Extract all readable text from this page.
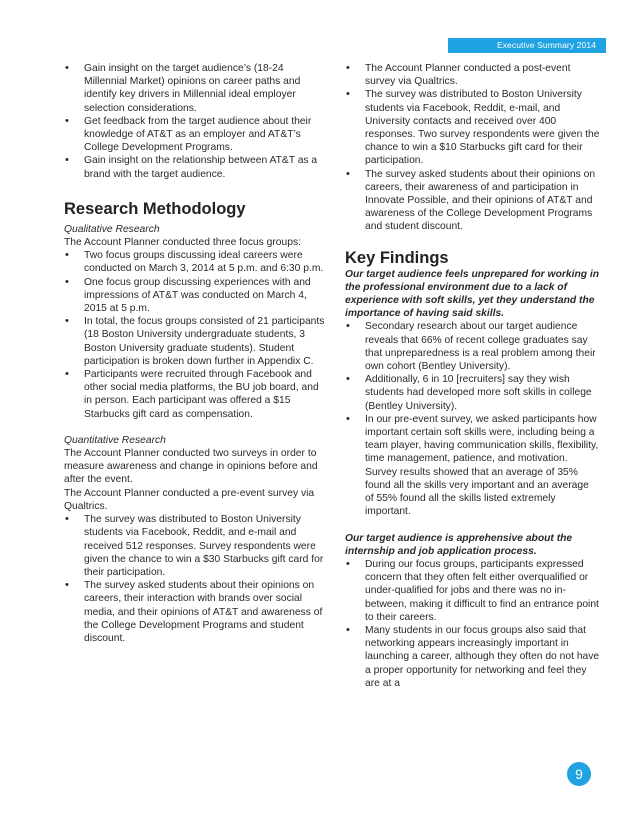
Executive Summary 2014
• Gain insight on the target audience’s (18-24 Millennial Market) opinions on career paths and identify key drivers in Millennial ideal employer selection considerations.
• Get feedback from the target audience about their knowledge of AT&T as an employer and AT&T’s College Development Programs.
• Gain insight on the relationship between AT&T as a brand with the target audience.
Research Methodology
Qualitative Research
The Account Planner conducted three focus groups:
• Two focus groups discussing ideal careers were conducted on March 3, 2014 at 5 p.m. and 6:30 p.m.
• One focus group discussing experiences with and impressions of AT&T was conducted on March 4, 2015 at 5 p.m.
• In total, the focus groups consisted of 21 participants (18 Boston University undergraduate students, 3 Boston University graduate students). Student participation is broken down further in Appendix C.
• Participants were recruited through Facebook and other social media platforms, the BU job board, and in person. Each participant was offered a $15 Starbucks gift card as compensation.
Quantitative Research
The Account Planner conducted two surveys in order to measure awareness and change in opinions before and after the event.
The Account Planner conducted a pre-event survey via Qualtrics.
• The survey was distributed to Boston University students via Facebook, Reddit, and e-mail and received 512 responses. Survey respondents were given the chance to win a $30 Starbucks gift card for their participation.
• The survey asked students about their opinions on careers, their interaction with brands over social media, and their opinions of AT&T and awareness of the College Development Programs and student discount.
• The Account Planner conducted a post-event survey via Qualtrics.
• The survey was distributed to Boston University students via Facebook, Reddit, e-mail, and University contacts and received over 400 responses. Two survey respondents were given the chance to win a $10 Starbucks gift card for their participation.
• The survey asked students about their opinions on careers, their awareness of and participation in Innovate Possible, and their opinions of AT&T and awareness of the College Development Programs and student discount.
Key Findings
Our target audience feels unprepared for working in the professional environment due to a lack of experience with soft skills, yet they understand the importance of having said skills.
• Secondary research about our target audience reveals that 66% of recent college graduates say that unpreparedness is a real problem among their own cohort (Bentley University).
• Additionally, 6 in 10 [recruiters] say they wish students had developed more soft skills in college (Bentley University).
• In our pre-event survey, we asked participants how important certain soft skills were, including being a team player, having communication skills, flexibility, time management, patience, and motivation. Survey results showed that an average of 35% found all the skills very important and an average of 55% found all the skills listed extremely important.
Our target audience is apprehensive about the internship and job application process.
• During our focus groups, participants expressed concern that they often felt either overqualified or under-qualified for jobs and there was no in-between, making it difficult to find an entrance point to their careers.
• Many students in our focus groups also said that networking appears increasingly important in launching a career, although they often do not have a proper opportunity for networking and feel they are at a
9
